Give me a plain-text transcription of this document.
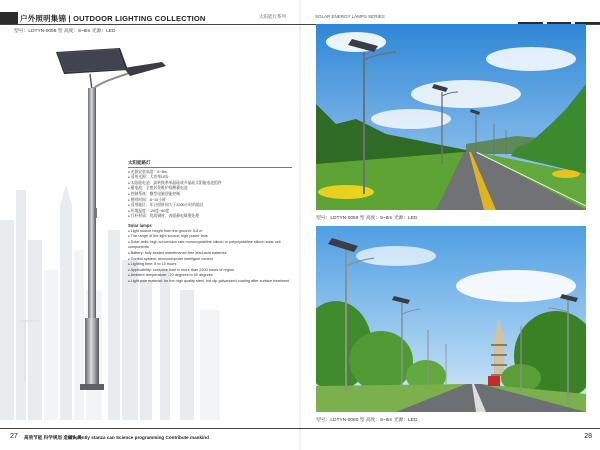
户外照明集锦 | OUTDOOR LIGHTING COLLECTION	太阳能灯系列	SOLAR ENERGY LAMPS SERIES
型号：LDTYN-0058 型 高度：5~8m 光源：LED
太阳能路灯
● 光源安装高度：5~8m
● 适用光源：大功率LED
● 太阳能电池：高转换率单晶硅或多晶硅太阳能电池组件
● 蓄电池：全密封免维护铅酸蓄电池
● 控制系统：微型电脑智能控制
● 照明时间：8~10小时
● 适用地区：年日照时间大于2200小时的地区
● 环境温度：-20度~60度
● 灯杆材质：优质钢材，表面静电喷塑处理
Solar lamps
● Light source height from the ground: 5-8 m
● The range of the light source: high power leds
● Solar cells: high conversion rate monocrystalline silicon or polycrystalline silicon solar cell components
● Battery: fully sealed maintenance-free lead-acid batteries
● Control system: microcomputer intelligent control
● Lighting time: 8 to 10 hours
● Applicability: sunshine time is more than 2200 hours of region
● Ambient temperature: -20 degrees to 60 degrees
● Light pole material: for the high quality steel, hot dip galvanized coating after surface treatment
型号：LDTYN-0059 型 高度：5~8m 光源：LED
型号：LDTYN-0060 型 高度：5~8m 光源：LED
27 高效节能 科学规划 造福人类
Efficiently stanza can Science programming Contribute mankind	28
